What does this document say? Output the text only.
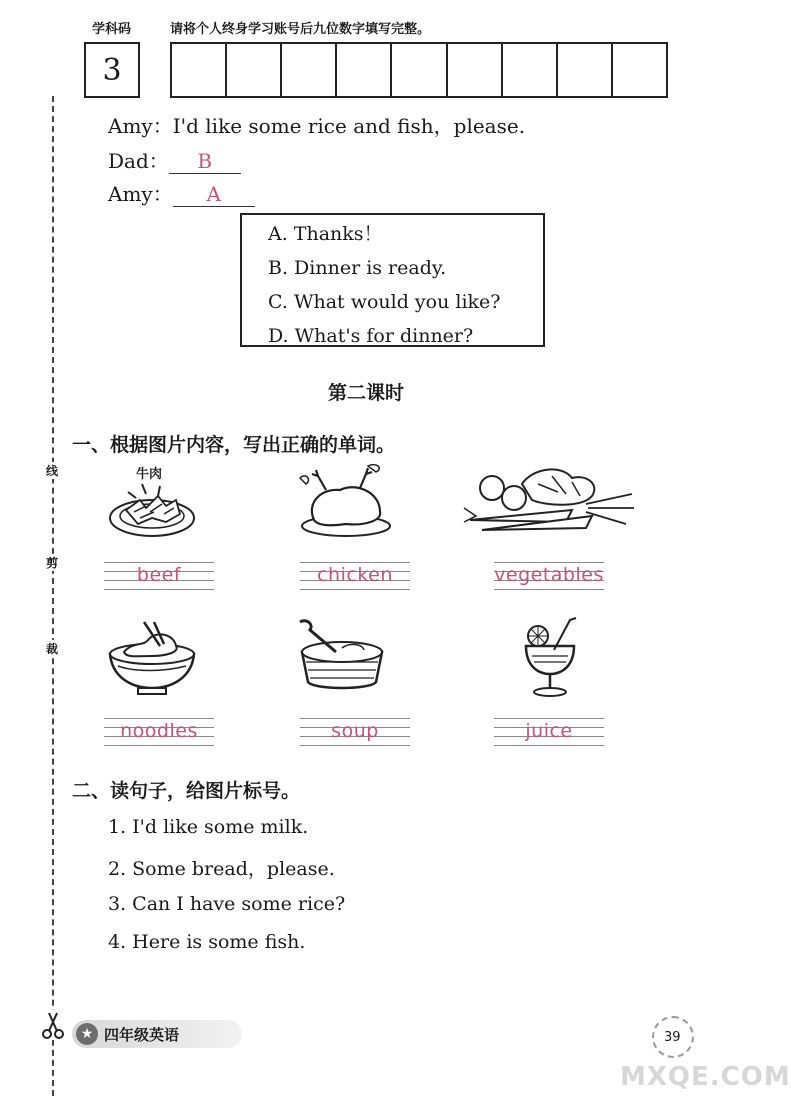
学科码	请将个人终身学习账号后九位数字填写完整。
3
线
剪
裁
Amy：I'd like some rice and fish，please.
Dad： B
Amy： A
A. Thanks！
B. Dinner is ready.
C. What would you like?
D. What's for dinner?
第二课时
一、根据图片内容，写出正确的单词。
牛肉
beef	chicken	vegetables
noodles	soup	juice
二、读句子，给图片标号。
1. I'd like some milk.
2. Some bread，please.
3. Can I have some rice?
4. Here is some fish.
★ 四年级英语	39
MXQE.COM
